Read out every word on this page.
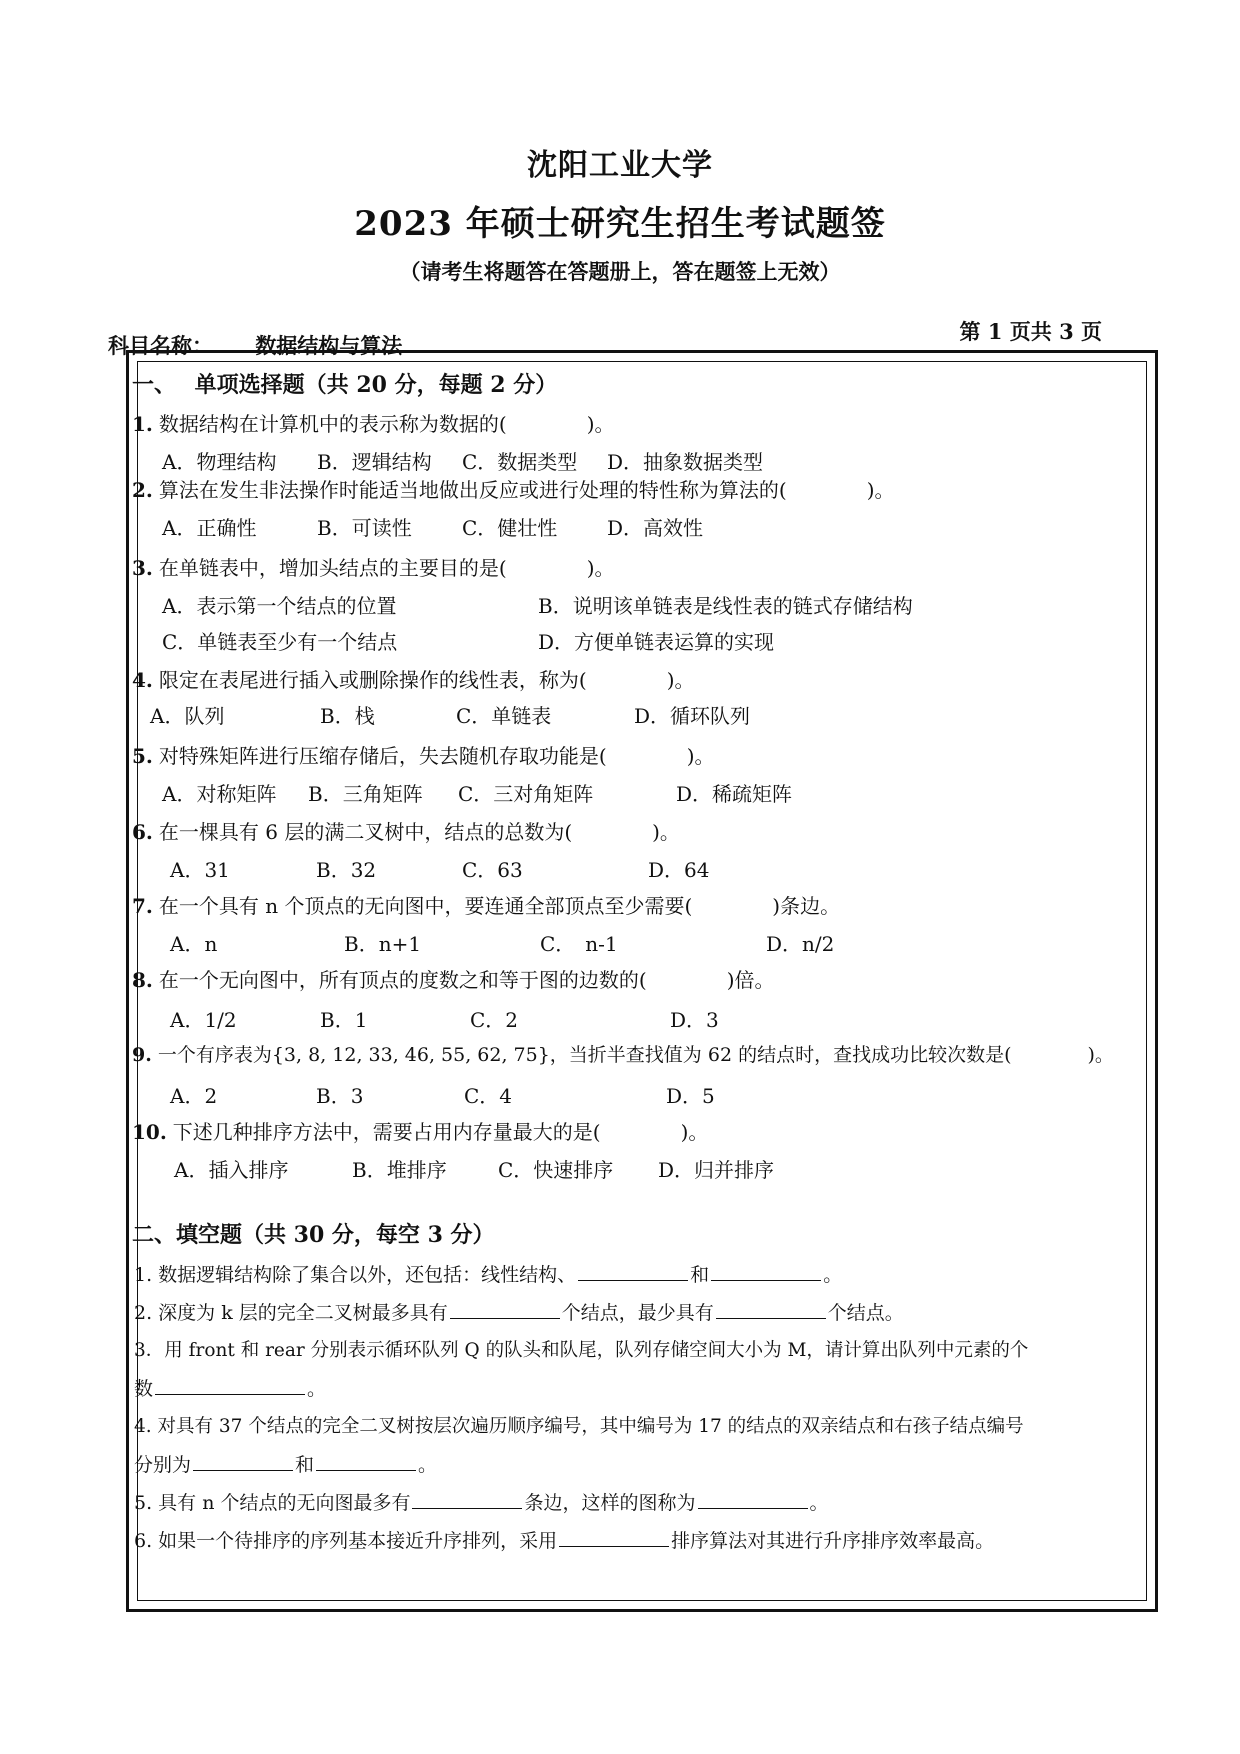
沈阳工业大学
2023 年硕士研究生招生考试题签
（请考生将题答在答题册上，答在题签上无效）
科目名称： 数据结构与算法
第 1 页共 3 页
一、　 单项选择题（共 20 分，每题 2 分）
1. 数据结构在计算机中的表示称为数据的(　　　　)。
A．物理结构 B．逻辑结构 C．数据类型 D．抽象数据类型
2. 算法在发生非法操作时能适当地做出反应或进行处理的特性称为算法的(　　　　)。
A．正确性	B．可读性	C．健壮性 D．高效性
3. 在单链表中，增加头结点的主要目的是(　　　　)。
A．表示第一个结点的位置	B．说明该单链表是线性表的链式存储结构
C．单链表至少有一个结点	D．方便单链表运算的实现
4. 限定在表尾进行插入或删除操作的线性表，称为(　　　　)。
A．队列	B．栈	C．单链表	D．循环队列
5. 对特殊矩阵进行压缩存储后，失去随机存取功能是(　　　　)。
A．对称矩阵 B．三角矩阵 C．三对角矩阵	D．稀疏矩阵
6. 在一棵具有 6 层的满二叉树中，结点的总数为(　　　　)。
A．31	B．32	C．63	D．64
7. 在一个具有 n 个顶点的无向图中，要连通全部顶点至少需要(　　　　)条边。
A．n	B．n+1	C．　n-1	D．n/2
8. 在一个无向图中，所有顶点的度数之和等于图的边数的(　　　　)倍。
A．1/2	B．1	C．2	D．3
9. 一个有序表为{3, 8, 12, 33, 46, 55, 62, 75}，当折半查找值为 62 的结点时，查找成功比较次数是(　　　　)。
A．2	B．3	C．4	D．5
10. 下述几种排序方法中，需要占用内存量最大的是(　　　　)。
A．插入排序	B．堆排序	C．快速排序 D．归并排序
二、填空题（共 30 分，每空 3 分）
1. 数据逻辑结构除了集合以外，还包括：线性结构、	和	。
2. 深度为 k 层的完全二叉树最多具有	个结点，最少具有	个结点。
3．用 front 和 rear 分别表示循环队列 Q 的队头和队尾，队列存储空间大小为 M，请计算出队列中元素的个
数	。
4. 对具有 37 个结点的完全二叉树按层次遍历顺序编号，其中编号为 17 的结点的双亲结点和右孩子结点编号
分别为	和	。
5. 具有 n 个结点的无向图最多有	条边，这样的图称为	。
6. 如果一个待排序的序列基本接近升序排列，采用	排序算法对其进行升序排序效率最高。
